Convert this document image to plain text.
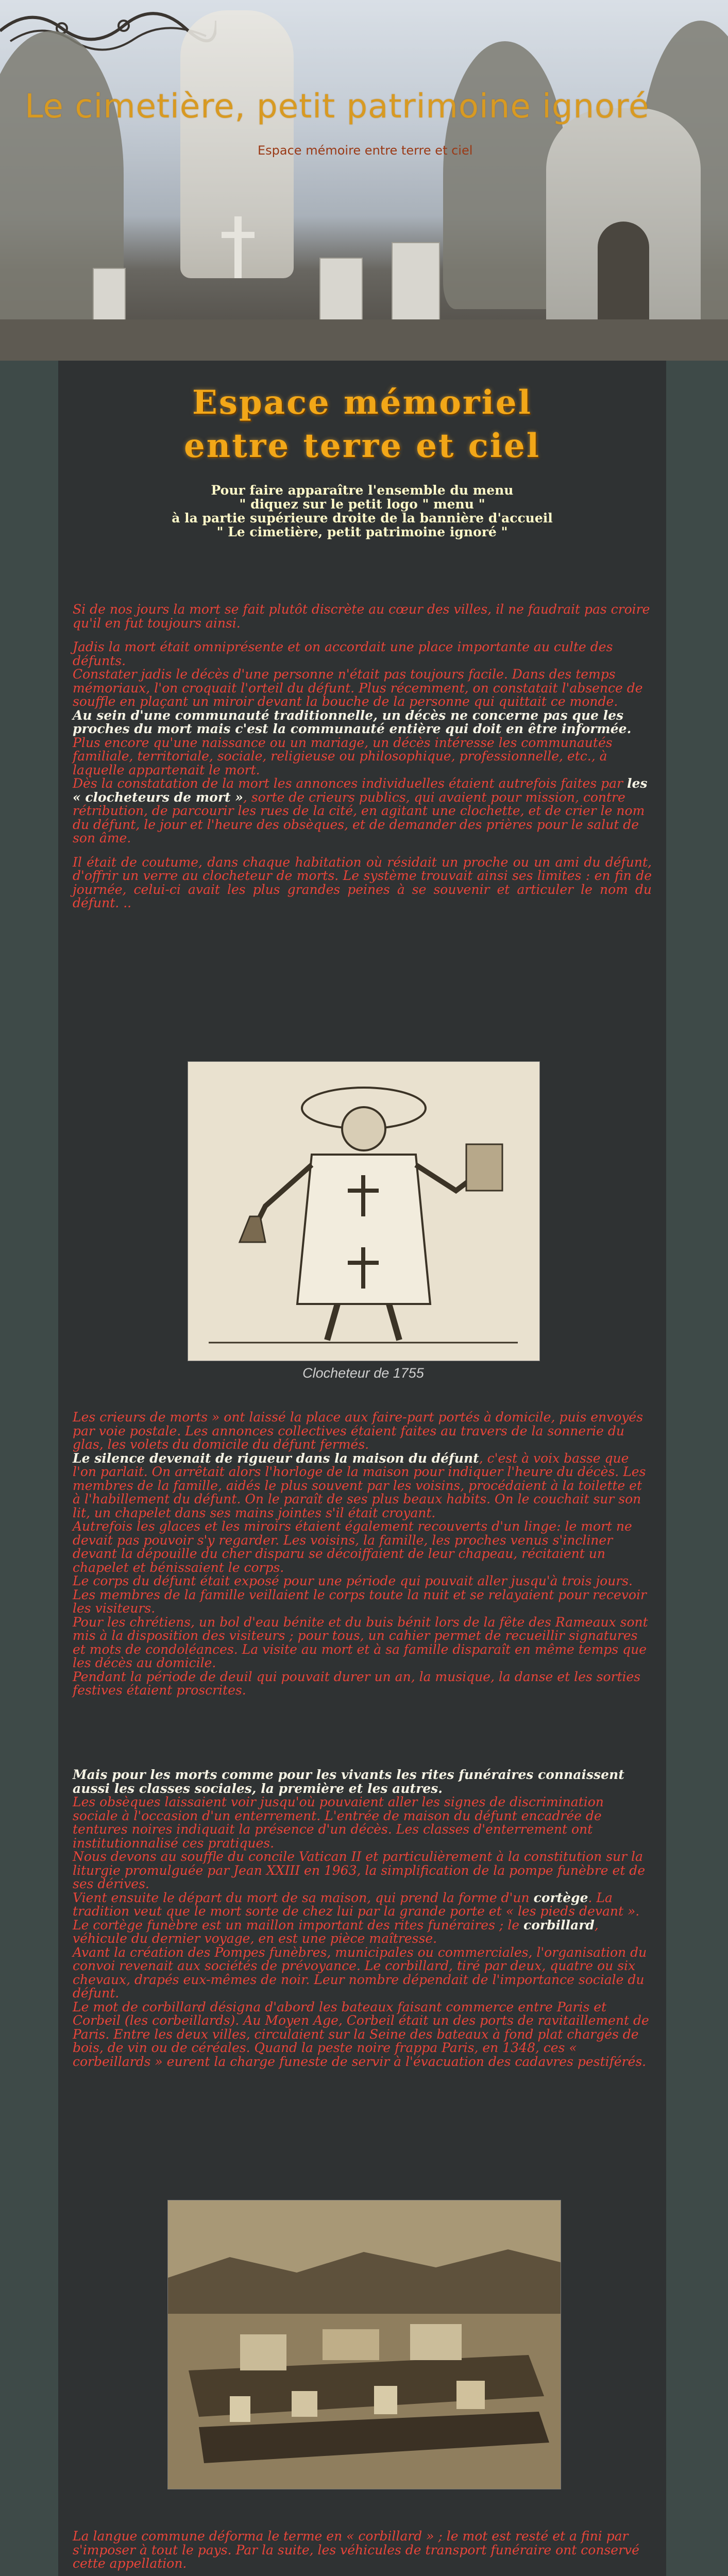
Le cimetière, petit patrimoine ignoré
Espace mémoire entre terre et ciel
Espace mémoriel
entre terre et ciel
Pour faire apparaître l'ensemble du menu
" diquez sur le petit logo " menu "
à la partie supérieure droite de la bannière d'accueil
" Le cimetière, petit patrimoine ignoré "

Si de nos jours la mort se fait plutôt discrète au cœur des villes, il ne faudrait pas croire qu'il en fut toujours ainsi.

Jadis la mort était omniprésente et on accordait une place importante au culte des défunts.

Constater jadis le décès d'une personne n'était pas toujours facile. Dans des temps mémoriaux, l'on croquait l'orteil du défunt. Plus récemment, on constatait l'absence de souffle en plaçant un miroir devant la bouche de la personne qui quittait ce monde.

Au sein d'une communauté traditionnelle, un décès ne concerne pas que les proches du mort mais c'est la communauté entière qui doit en être informée. Plus encore qu'une naissance ou un mariage, un décès intéresse les communautés familiale, territoriale, sociale, religieuse ou philosophique, professionnelle, etc., à laquelle appartenait le mort.

Dès la constatation de la mort les annonces individuelles étaient autrefois faites par les « clocheteurs de mort », sorte de crieurs publics, qui avaient pour mission, contre rétribution, de parcourir les rues de la cité, en agitant une clochette, et de crier le nom du défunt, le jour et l'heure des obsèques, et de demander des prières pour le salut de son âme.

Il était de coutume, dans chaque habitation où résidait un proche ou un ami du défunt, d'offrir un verre au clocheteur de morts. Le système trouvait ainsi ses limites : en fin de journée, celui-ci avait les plus grandes peines à se souvenir et articuler le nom du défunt. ..

Clocheteur de 1755

Les crieurs de morts » ont laissé la place aux faire-part portés à domicile, puis envoyés par voie postale. Les annonces collectives étaient faites au travers de la sonnerie du glas, les volets du domicile du défunt fermés.

Le silence devenait de rigueur dans la maison du défunt, c'est à voix basse que l'on parlait. On arrêtait alors l'horloge de la maison pour indiquer l'heure du décès. Les membres de la famille, aidés le plus souvent par les voisins, procédaient à la toilette et à l'habillement du défunt. On le paraît de ses plus beaux habits. On le couchait sur son lit, un chapelet dans ses mains jointes s'il était croyant.

Autrefois les glaces et les miroirs étaient également recouverts d'un linge: le mort ne devait pas pouvoir s'y regarder. Les voisins, la famille, les proches venus s'incliner devant la dépouille du cher disparu se décoiffaient de leur chapeau, récitaient un chapelet et bénissaient le corps.

Le corps du défunt était exposé pour une période qui pouvait aller jusqu'à trois jours. Les membres de la famille veillaient le corps toute la nuit et se relayaient pour recevoir les visiteurs.

Pour les chrétiens, un bol d'eau bénite et du buis bénit lors de la fête des Rameaux sont mis à la disposition des visiteurs ; pour tous, un cahier permet de recueillir signatures et mots de condoléances. La visite au mort et à sa famille disparaît en même temps que les décès au domicile.

Pendant la période de deuil qui pouvait durer un an, la musique, la danse et les sorties festives étaient proscrites.

Mais pour les morts comme pour les vivants les rites funéraires connaissent aussi les classes sociales, la première et les autres.

Les obsèques laissaient voir jusqu'où pouvaient aller les signes de discrimination sociale à l'occasion d'un enterrement. L'entrée de maison du défunt encadrée de tentures noires indiquait la présence d'un décès. Les classes d'enterrement ont institutionnalisé ces pratiques.

Nous devons au souffle du concile Vatican II et particulièrement à la constitution sur la liturgie promulguée par Jean XXIII en 1963, la simplification de la pompe funèbre et de ses dérives.

Vient ensuite le départ du mort de sa maison, qui prend la forme d'un cortège. La tradition veut que le mort sorte de chez lui par la grande porte et « les pieds devant ». Le cortège funèbre est un maillon important des rites funéraires ; le corbillard, véhicule du dernier voyage, en est une pièce maîtresse.

Avant la création des Pompes funèbres, municipales ou commerciales, l'organisation du convoi revenait aux sociétés de prévoyance. Le corbillard, tiré par deux, quatre ou six chevaux, drapés eux-mêmes de noir. Leur nombre dépendait de l'importance sociale du défunt.

Le mot de corbillard désigna d'abord les bateaux faisant commerce entre Paris et Corbeil (les corbeillards). Au Moyen Age, Corbeil était un des ports de ravitaillement de Paris. Entre les deux villes, circulaient sur la Seine des bateaux à fond plat chargés de bois, de vin ou de céréales. Quand la peste noire frappa Paris, en 1348, ces « corbeillards » eurent la charge funeste de servir à l'évacuation des cadavres pestiférés.

La langue commune déforma le terme en « corbillard » ; le mot est resté et a fini par s'imposer à tout le pays. Par la suite, les véhicules de transport funéraire ont conservé cette appellation.
